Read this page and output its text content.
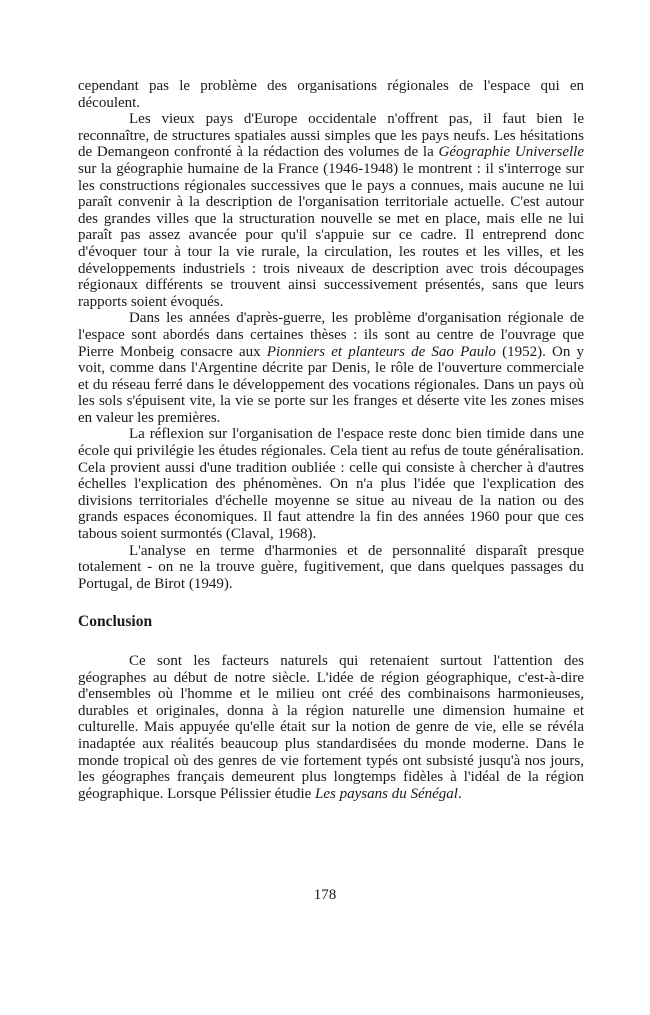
cependant pas le problème des organisations régionales de l'espace qui en découlent.

Les vieux pays d'Europe occidentale n'offrent pas, il faut bien le reconnaître, de structures spatiales aussi simples que les pays neufs. Les hésitations de Demangeon confronté à la rédaction des volumes de la Géographie Universelle sur la géographie humaine de la France (1946-1948) le montrent : il s'interroge sur les constructions régionales successives que le pays a connues, mais aucune ne lui paraît convenir à la description de l'organisation territoriale actuelle. C'est autour des grandes villes que la structuration nouvelle se met en place, mais elle ne lui paraît pas assez avancée pour qu'il s'appuie sur ce cadre. Il entreprend donc d'évoquer tour à tour la vie rurale, la circulation, les routes et les villes, et les développements industriels : trois niveaux de description avec trois découpages régionaux différents se trouvent ainsi successivement présentés, sans que leurs rapports soient évoqués.

Dans les années d'après-guerre, les problème d'organisation régionale de l'espace sont abordés dans certaines thèses : ils sont au centre de l'ouvrage que Pierre Monbeig consacre aux Pionniers et planteurs de Sao Paulo (1952). On y voit, comme dans l'Argentine décrite par Denis, le rôle de l'ouverture commerciale et du réseau ferré dans le développement des vocations régionales. Dans un pays où les sols s'épuisent vite, la vie se porte sur les franges et déserte vite les zones mises en valeur les premières.

La réflexion sur l'organisation de l'espace reste donc bien timide dans une école qui privilégie les études régionales. Cela tient au refus de toute généralisation. Cela provient aussi d'une tradition oubliée : celle qui consiste à chercher à d'autres échelles l'explication des phénomènes. On n'a plus l'idée que l'explication des divisions territoriales d'échelle moyenne se situe au niveau de la nation ou des grands espaces économiques. Il faut attendre la fin des années 1960 pour que ces tabous soient surmontés (Claval, 1968).

L'analyse en terme d'harmonies et de personnalité disparaît presque totalement - on ne la trouve guère, fugitivement, que dans quelques passages du Portugal, de Birot (1949).

Conclusion

Ce sont les facteurs naturels qui retenaient surtout l'attention des géographes au début de notre siècle. L'idée de région géographique, c'est-à-dire d'ensembles où l'homme et le milieu ont créé des combinaisons harmonieuses, durables et originales, donna à la région naturelle une dimension humaine et culturelle. Mais appuyée qu'elle était sur la notion de genre de vie, elle se révéla inadaptée aux réalités beaucoup plus standardisées du monde moderne. Dans le monde tropical où des genres de vie fortement typés ont subsisté jusqu'à nos jours, les géographes français demeurent plus longtemps fidèles à l'idéal de la région géographique. Lorsque Pélissier étudie Les paysans du Sénégal.

178
